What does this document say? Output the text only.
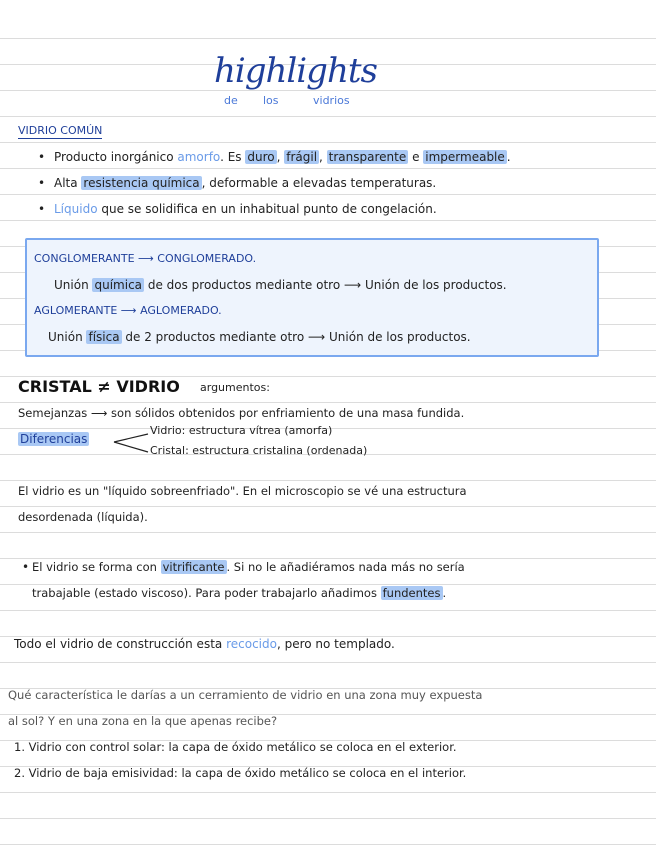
highlights
de los	vidrios
VIDRIO COMÚN
• Producto inorgánico amorfo. Es duro , frágil , transparente e impermeable .
• Alta resistencia química , deformable a elevadas temperaturas.
• Líquido que se solidifica en un inhabitual punto de congelación.
CONGLOMERANTE ⟶ CONGLOMERADO.
Unión química de dos productos mediante otro ⟶ Unión de los productos.
AGLOMERANTE ⟶ AGLOMERADO.
Unión física de 2 productos mediante otro ⟶ Unión de los productos.
CRISTAL ≠ VIDRIO argumentos:
Semejanzas ⟶ son sólidos obtenidos por enfriamiento de una masa fundida.
Diferencias
Vidrio: estructura vítrea (amorfa)
Cristal: estructura cristalina (ordenada)
El vidrio es un "líquido sobreenfriado". En el microscopio se vé una estructura
desordenada (líquida).
• El vidrio se forma con vitrificante . Si no le añadiéramos nada más no sería
trabajable (estado viscoso). Para poder trabajarlo añadimos fundentes .
Todo el vidrio de construcción esta recocido, pero no templado.
Qué característica le darías a un cerramiento de vidrio en una zona muy expuesta
al sol? Y en una zona en la que apenas recibe?
1. Vidrio con control solar: la capa de óxido metálico se coloca en el exterior.
2. Vidrio de baja emisividad: la capa de óxido metálico se coloca en el interior.
